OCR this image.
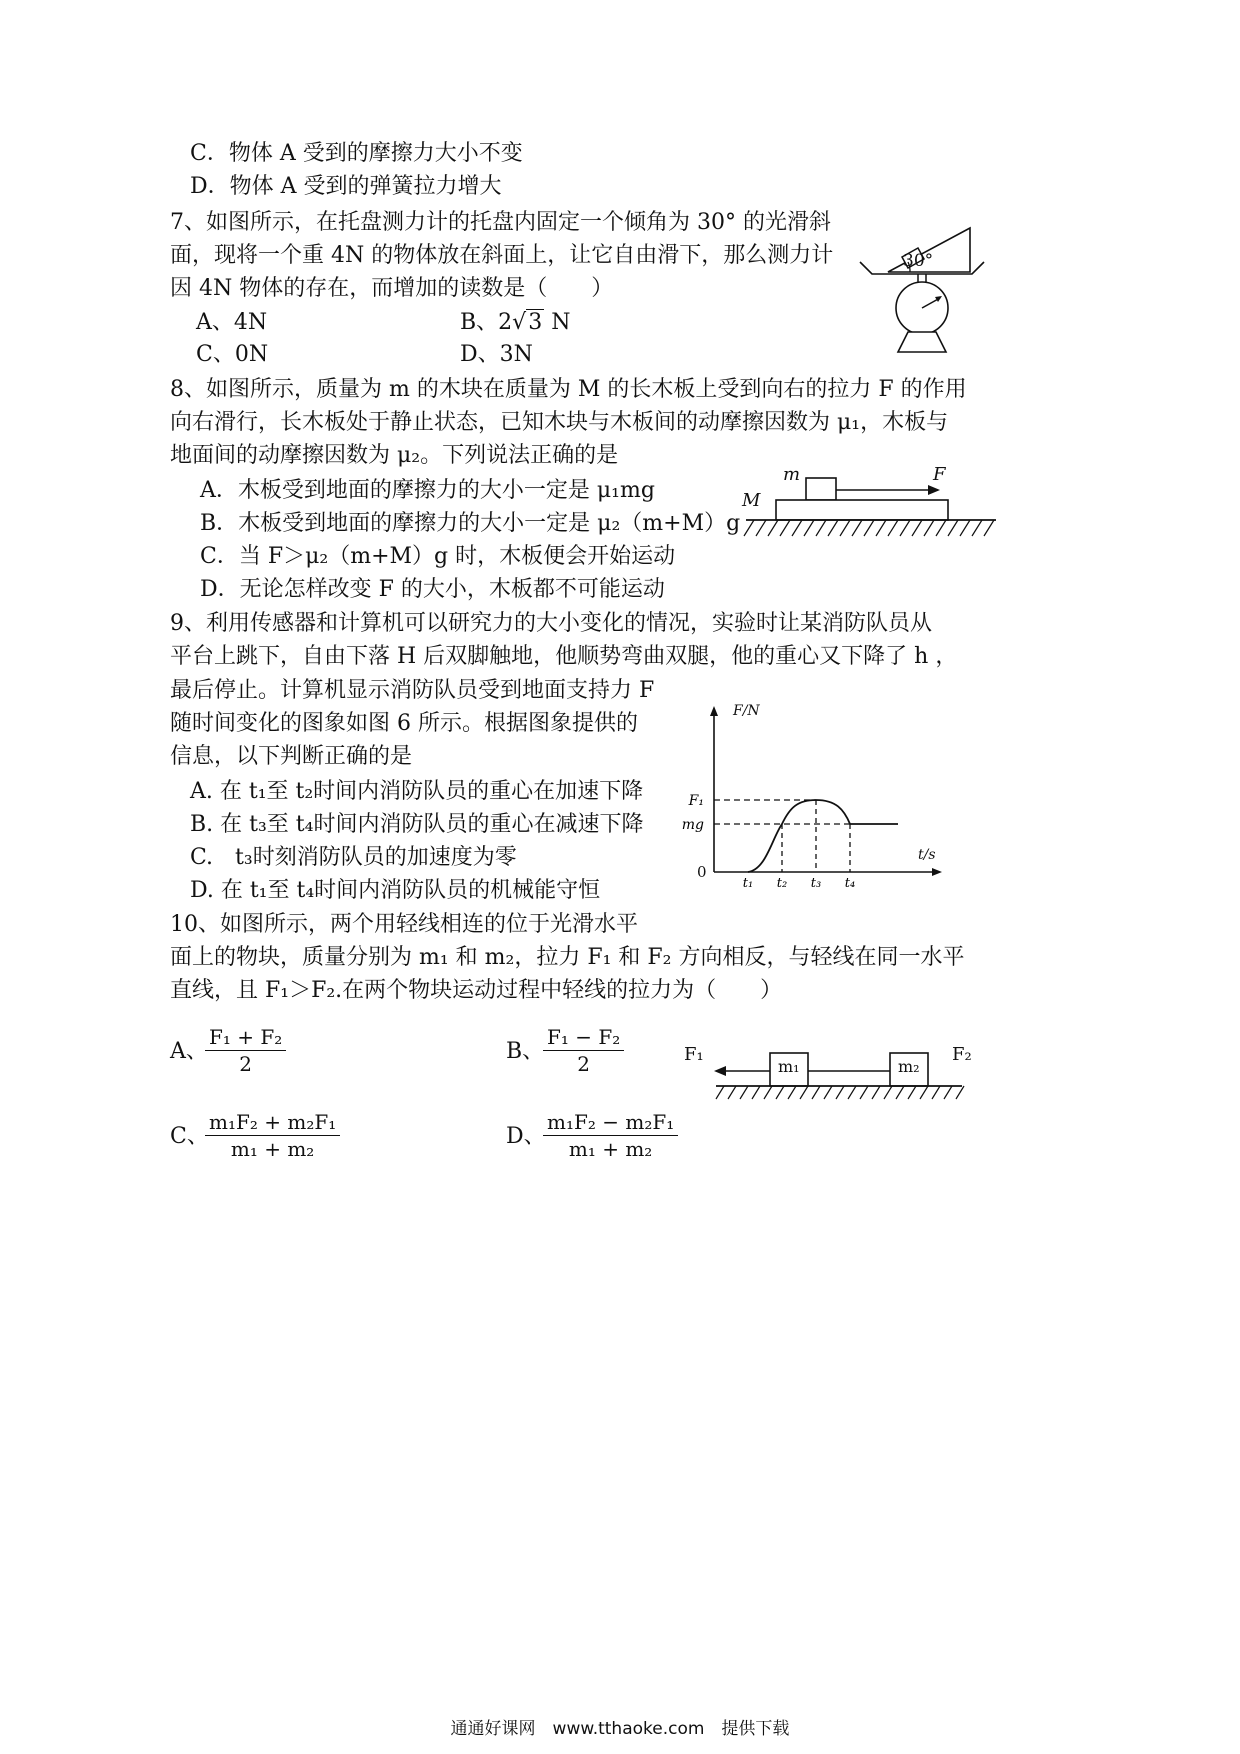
C．物体 A 受到的摩擦力大小不变
D．物体 A 受到的弹簧拉力增大
7、如图所示，在托盘测力计的托盘内固定一个倾角为 30° 的光滑斜
面，现将一个重 4N 的物体放在斜面上，让它自由滑下，那么测力计
因 4N 物体的存在，而增加的读数是（　　）
A、4N	B、2√3 N
C、0N	D、3N
30°
8、如图所示，质量为 m 的木块在质量为 M 的长木板上受到向右的拉力 F 的作用
向右滑行，长木板处于静止状态，已知木块与木板间的动摩擦因数为 μ₁，木板与
地面间的动摩擦因数为 μ₂。下列说法正确的是
A．木板受到地面的摩擦力的大小一定是 μ₁mg
B．木板受到地面的摩擦力的大小一定是 μ₂（m+M）g
C．当 F＞μ₂（m+M）g 时，木板便会开始运动
D．无论怎样改变 F 的大小，木板都不可能运动
m	F
M
9、利用传感器和计算机可以研究力的大小变化的情况，实验时让某消防队员从
平台上跳下，自由下落 H 后双脚触地，他顺势弯曲双腿，他的重心又下降了 h ，
最后停止。计算机显示消防队员受到地面支持力 F
随时间变化的图象如图 6 所示。根据图象提供的
信息，以下判断正确的是
A. 在 t₁至 t₂时间内消防队员的重心在加速下降
B. 在 t₃至 t₄时间内消防队员的重心在减速下降
C.　t₃时刻消防队员的加速度为零
D. 在 t₁至 t₄时间内消防队员的机械能守恒	t₁ t₂ t₃ t₄
mg
F₁
F/N
t/s
0
10、如图所示，两个用轻线相连的位于光滑水平
面上的物块，质量分别为 m₁ 和 m₂，拉力 F₁ 和 F₂ 方向相反，与轻线在同一水平
直线，且 F₁＞F₂.在两个物块运动过程中轻线的拉力为（　　）
A、
$\frac{\text{F₁ + F₂}}{2}$	B、
$\frac{\text{F₁ − F₂}}{2}$
C、
$\frac{\text{m₁F₂ + m₂F₁}}{\text{m₁ + m₂}}$	D、
$\frac{\text{m₁F₂ − m₂F₁}}{\text{m₁ + m₂}}$
F₁	F₂
m₁	m₂
通通好课网　www.tthaoke.com　提供下载
